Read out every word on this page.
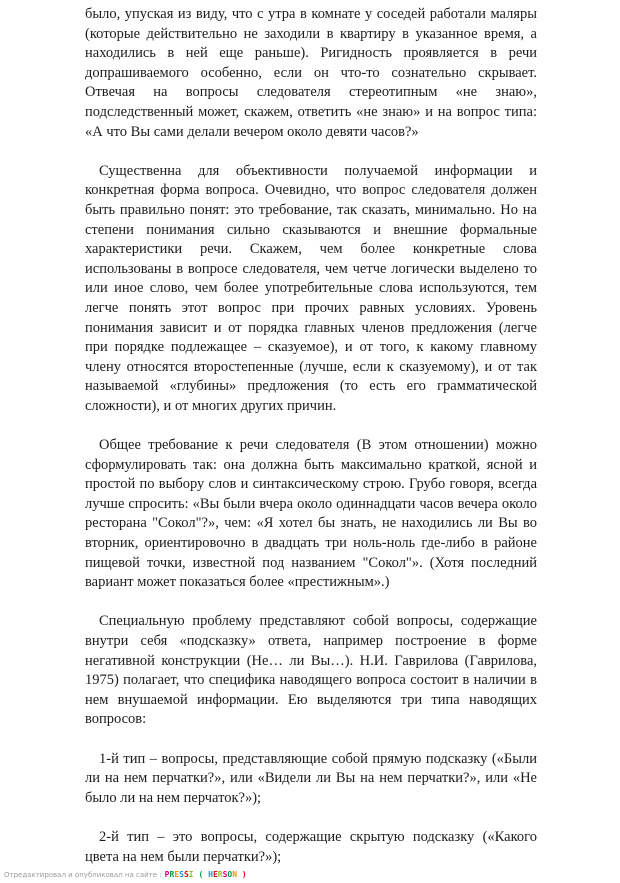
было, упуская из виду, что с утра в комнате у соседей работали маляры (которые действительно не заходили в квартиру в указанное время, а находились в ней еще раньше). Ригидность проявляется в речи допрашиваемого особенно, если он что-то сознательно скрывает. Отвечая на вопросы следователя стереотипным «не знаю», подследственный может, скажем, ответить «не знаю» и на вопрос типа: «А что Вы сами делали вечером около девяти часов?»

Существенна для объективности получаемой информации и конкретная форма вопроса. Очевидно, что вопрос следователя должен быть правильно понят: это требование, так сказать, минимально. Но на степени понимания сильно сказываются и внешние формальные характеристики речи. Скажем, чем более конкретные слова использованы в вопросе следователя, чем четче логически выделено то или иное слово, чем более употребительные слова используются, тем легче понять этот вопрос при прочих равных условиях. Уровень понимания зависит и от порядка главных членов предложения (легче при порядке подлежащее – сказуемое), и от того, к какому главному члену относятся второстепенные (лучше, если к сказуемому), и от так называемой «глубины» предложения (то есть его грамматической сложности), и от многих других причин.

Общее требование к речи следователя (В этом отношении) можно сформулировать так: она должна быть максимально краткой, ясной и простой по выбору слов и синтаксическому строю. Грубо говоря, всегда лучше спросить: «Вы были вчера около одиннадцати часов вечера около ресторана "Сокол"?», чем: «Я хотел бы знать, не находились ли Вы во вторник, ориентировочно в двадцать три ноль-ноль где-либо в районе пищевой точки, известной под названием "Сокол"». (Хотя последний вариант может показаться более «престижным».)

Специальную проблему представляют собой вопросы, содержащие внутри себя «подсказку» ответа, например построение в форме негативной конструкции (Не… ли Вы…). Н.И. Гаврилова (Гаврилова, 1975) полагает, что специфика наводящего вопроса состоит в наличии в нем внушаемой информации. Ею выделяются три типа наводящих вопросов:

1-й тип – вопросы, представляющие собой прямую подсказку («Были ли на нем перчатки?», или «Видели ли Вы на нем перчатки?», или «Не было ли на нем перчаток?»);

2-й тип – это вопросы, содержащие скрытую подсказку («Какого цвета на нем были перчатки?»);

Отредактировал и опубликовал на сайте : PRESSI ( HERSON )
